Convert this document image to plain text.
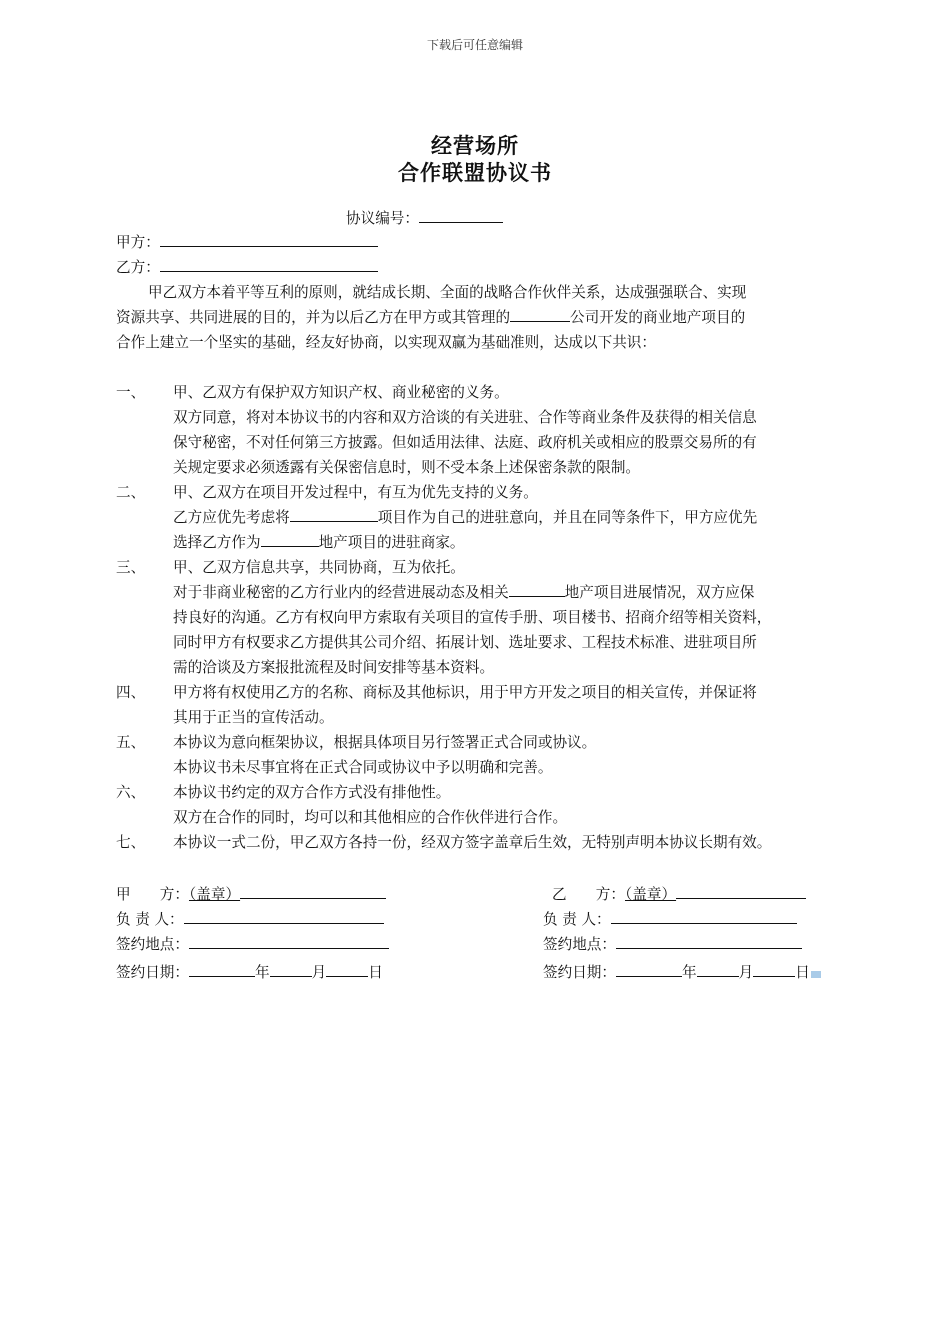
下载后可任意编辑
经营场所
合作联盟协议书
协议编号：
甲方：
乙方：
甲乙双方本着平等互利的原则，就结成长期、全面的战略合作伙伴关系，达成强强联合、实现
资源共享、共同进展的目的，并为以后乙方在甲方或其管理的	公司开发的商业地产项目的
合作上建立一个坚实的基础，经友好协商，以实现双赢为基础准则，达成以下共识：
一、	甲、乙双方有保护双方知识产权、商业秘密的义务。
双方同意，将对本协议书的内容和双方洽谈的有关进驻、合作等商业条件及获得的相关信息
保守秘密，不对任何第三方披露。但如适用法律、法庭、政府机关或相应的股票交易所的有
关规定要求必须透露有关保密信息时，则不受本条上述保密条款的限制。
二、	甲、乙双方在项目开发过程中，有互为优先支持的义务。
乙方应优先考虑将	项目作为自己的进驻意向，并且在同等条件下，甲方应优先
选择乙方作为	地产项目的进驻商家。
三、	甲、乙双方信息共享，共同协商，互为依托。
对于非商业秘密的乙方行业内的经营进展动态及相关	地产项目进展情况，双方应保
持良好的沟通。乙方有权向甲方索取有关项目的宣传手册、项目楼书、招商介绍等相关资料，
同时甲方有权要求乙方提供其公司介绍、拓展计划、选址要求、工程技术标准、进驻项目所
需的洽谈及方案报批流程及时间安排等基本资料。
四、	甲方将有权使用乙方的名称、商标及其他标识，用于甲方开发之项目的相关宣传，并保证将
其用于正当的宣传活动。
五、	本协议为意向框架协议，根据具体项目另行签署正式合同或协议。
本协议书未尽事宜将在正式合同或协议中予以明确和完善。
六、	本协议书约定的双方合作方式没有排他性。
双方在合作的同时，均可以和其他相应的合作伙伴进行合作。
七、	本协议一式二份，甲乙双方各持一份，经双方签字盖章后生效，无特别声明本协议长期有效。
甲　　方：（盖章）
负 责 人：
签约地点：
签约日期：	年	月	日
乙　　方：（盖章）
负 责 人：
签约地点：
签约日期：	年	月	日
